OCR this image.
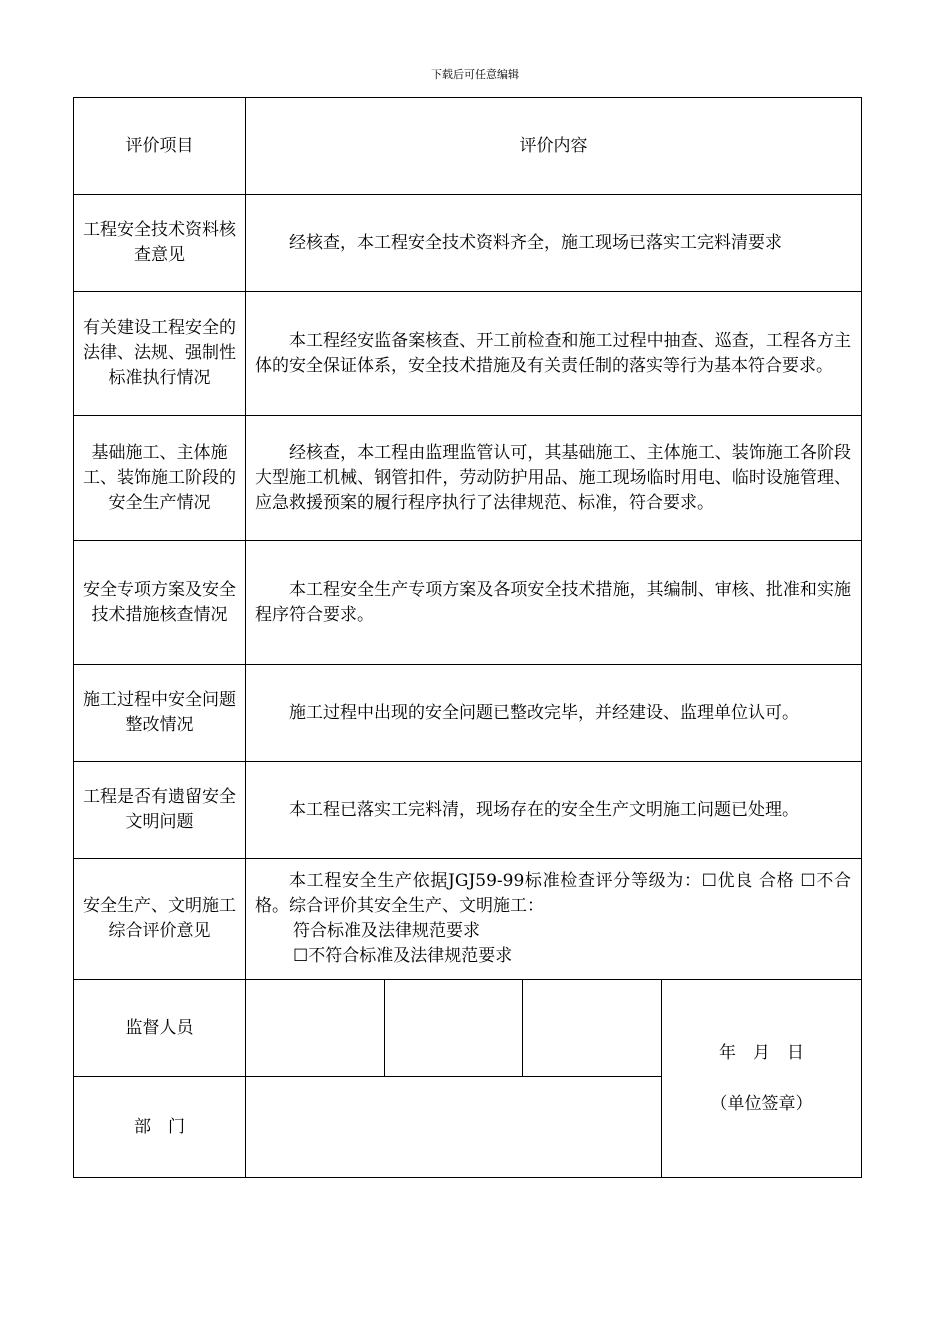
下载后可任意编辑
评价项目	评价内容			
工程安全技术资料核查意见	经核查，本工程安全技术资料齐全，施工现场已落实工完料清要求			
有关建设工程安全的法律、法规、强制性标准执行情况	本工程经安监备案核查、开工前检查和施工过程中抽查、巡查，工程各方主体的安全保证体系，安全技术措施及有关责任制的落实等行为基本符合要求。			
基础施工、主体施工、装饰施工阶段的安全生产情况	经核查，本工程由监理监管认可，其基础施工、主体施工、装饰施工各阶段大型施工机械、钢管扣件，劳动防护用品、施工现场临时用电、临时设施管理、应急救援预案的履行程序执行了法律规范、标准，符合要求。			
安全专项方案及安全技术措施核查情况	本工程安全生产专项方案及各项安全技术措施，其编制、审核、批准和实施程序符合要求。			
施工过程中安全问题整改情况	施工过程中出现的安全问题已整改完毕，并经建设、监理单位认可。			
工程是否有遗留安全文明问题	本工程已落实工完料清，现场存在的安全生产文明施工问题已处理。			
安全生产、文明施工综合评价意见	本工程安全生产依据JGJ59-99标准检查评分等级为：☐优良 合格 ☐不合格。综合评价其安全生产、文明施工：
符合标准及法律规范要求
☐不符合标准及法律规范要求			

监督人员				年　月　日
（单位签章）

部　门				
